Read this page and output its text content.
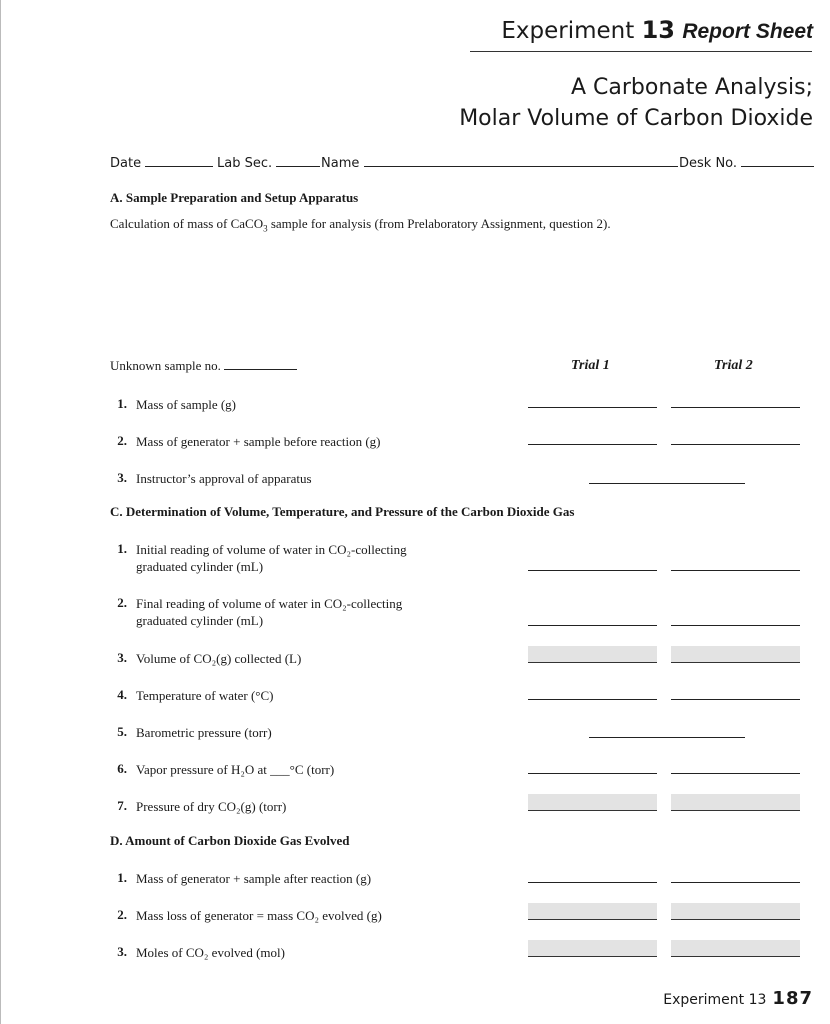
Experiment 13 Report Sheet
A Carbonate Analysis;
Molar Volume of Carbon Dioxide
Date	Lab Sec.	Name	Desk No.
A. Sample Preparation and Setup Apparatus
Calculation of mass of CaCO$_3$ sample for analysis (from Prelaboratory Assignment, question 2).
Unknown sample no.	Trial 1	Trial 2
1. Mass of sample (g)
2. Mass of generator + sample before reaction (g)
3. Instructor’s approval of apparatus
C. Determination of Volume, Temperature, and Pressure of the Carbon Dioxide Gas
1. Initial reading of volume of water in CO₂-collecting
graduated cylinder (mL)
2. Final reading of volume of water in CO₂-collecting
graduated cylinder (mL)
3. Volume of CO₂(g) collected (L)
4. Temperature of water (°C)
5. Barometric pressure (torr)
6. Vapor pressure of H₂O at ___°C (torr)
7. Pressure of dry CO₂(g) (torr)
D. Amount of Carbon Dioxide Gas Evolved
1. Mass of generator + sample after reaction (g)
2. Mass loss of generator = mass CO₂ evolved (g)
3. Moles of CO₂ evolved (mol)
Experiment 13 187
